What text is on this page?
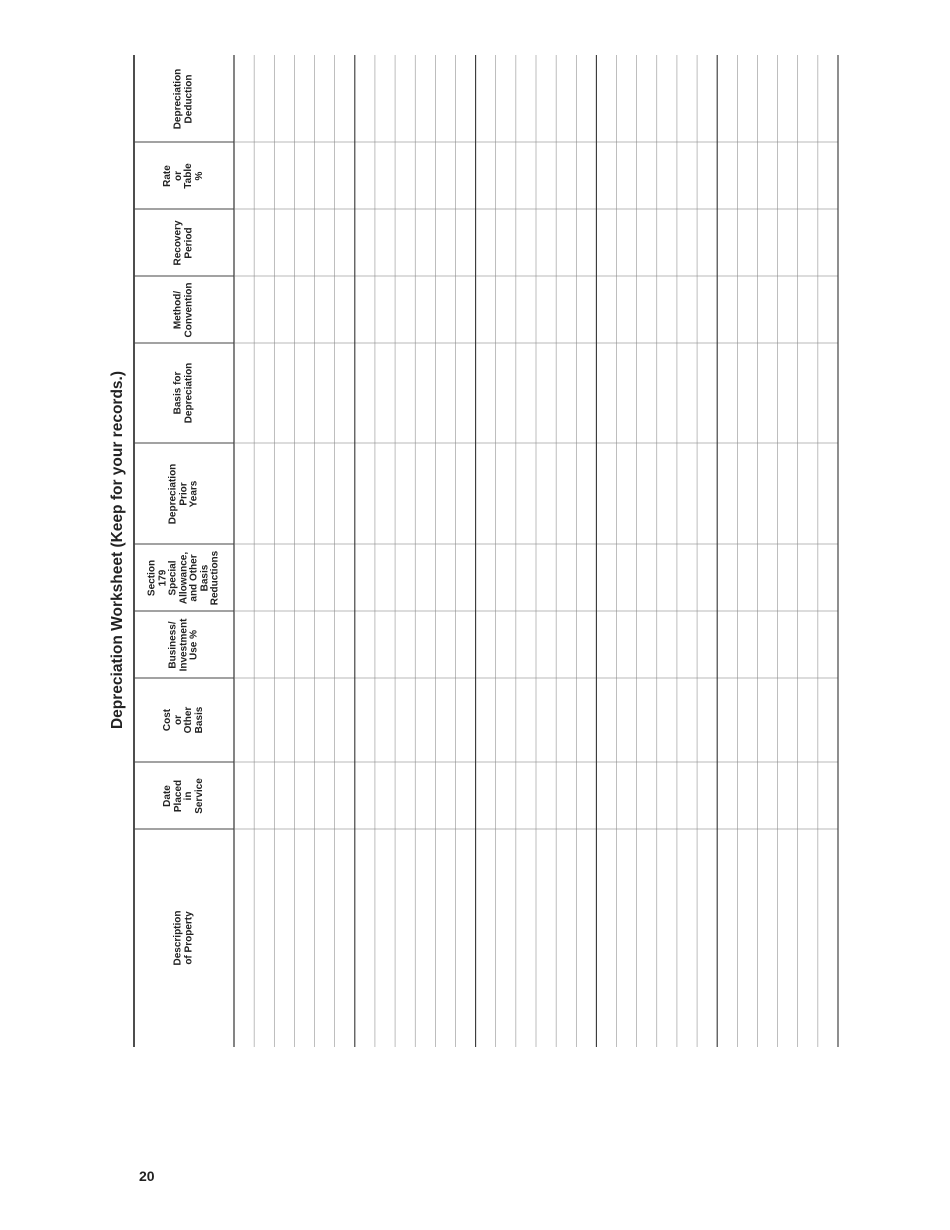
Depreciation Worksheet (Keep for your records.)
Description of Property
Date
Placed in
Service
Cost or
Other
Basis
Business/
Investment
Use %
Section 179
Special
Allowance,
and Other
Basis
Reductions
Depreciation Prior
Years
Basis for
Depreciation
Method/
Convention
Recovery
Period
Rate or
Table
%
Depreciation
Deduction
20
